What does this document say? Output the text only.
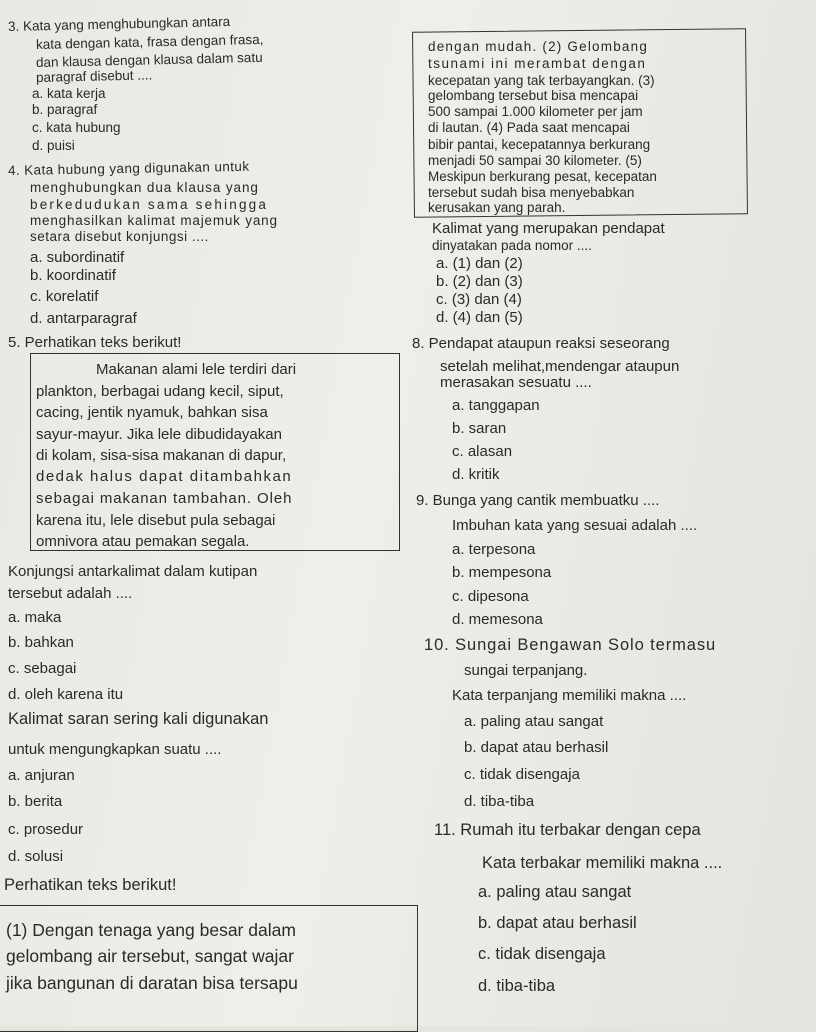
3. Kata yang menghubungkan antara
kata dengan kata, frasa dengan frasa,
dan klausa dengan klausa dalam satu
paragraf disebut ....
a. kata kerja
b. paragraf
c. kata hubung
d. puisi
4. Kata hubung yang digunakan untuk
menghubungkan dua klausa yang
berkedudukan sama sehingga
menghasilkan kalimat majemuk yang
setara disebut konjungsi ....
a. subordinatif
b. koordinatif
c. korelatif
d. antarparagraf
5. Perhatikan teks berikut!
Makanan alami lele terdiri dari
plankton, berbagai udang kecil, siput,
cacing, jentik nyamuk, bahkan sisa
sayur-mayur. Jika lele dibudidayakan
di kolam, sisa-sisa makanan di dapur,
dedak halus dapat ditambahkan
sebagai makanan tambahan. Oleh
karena itu, lele disebut pula sebagai
omnivora atau pemakan segala.
Konjungsi antarkalimat dalam kutipan
tersebut adalah ....
a. maka
b. bahkan
c. sebagai
d. oleh karena itu
Kalimat saran sering kali digunakan
untuk mengungkapkan suatu ....
a. anjuran
b. berita
c. prosedur
d. solusi
Perhatikan teks berikut!
(1) Dengan tenaga yang besar dalam
gelombang air tersebut, sangat wajar
jika bangunan di daratan bisa tersapu
dengan mudah. (2) Gelombang
tsunami ini merambat dengan
kecepatan yang tak terbayangkan. (3)
gelombang tersebut bisa mencapai
500 sampai 1.000 kilometer per jam
di lautan. (4) Pada saat mencapai
bibir pantai, kecepatannya berkurang
menjadi 50 sampai 30 kilometer. (5)
Meskipun berkurang pesat, kecepatan
tersebut sudah bisa menyebabkan
kerusakan yang parah.
Kalimat yang merupakan pendapat
dinyatakan pada nomor ....
a. (1) dan (2)
b. (2) dan (3)
c. (3) dan (4)
d. (4) dan (5)
8. Pendapat ataupun reaksi seseorang
setelah melihat,mendengar ataupun
merasakan sesuatu ....
a. tanggapan
b. saran
c. alasan
d. kritik
9. Bunga yang cantik membuatku ....
Imbuhan kata yang sesuai adalah ....
a. terpesona
b. mempesona
c. dipesona
d. memesona
10. Sungai Bengawan Solo termasu
sungai terpanjang.
Kata terpanjang memiliki makna ....
a. paling atau sangat
b. dapat atau berhasil
c. tidak disengaja
d. tiba-tiba
11. Rumah itu terbakar dengan cepa
Kata terbakar memiliki makna ....
a. paling atau sangat
b. dapat atau berhasil
c. tidak disengaja
d. tiba-tiba
